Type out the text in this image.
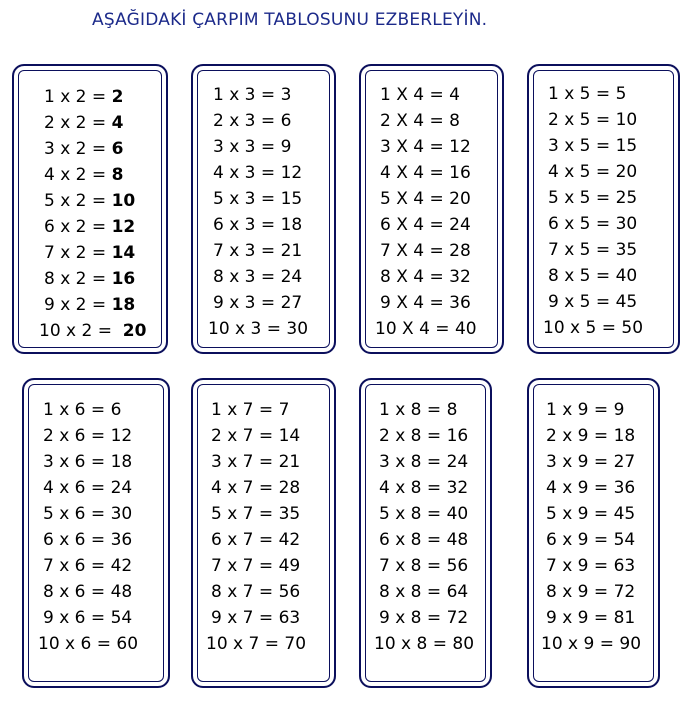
AŞAĞIDAKİ ÇARPIM TABLOSUNU EZBERLEYİN.
1 x 2 = 2
2 x 2 = 4
3 x 2 = 6
4 x 2 = 8
5 x 2 = 10
6 x 2 = 12
7 x 2 = 14
8 x 2 = 16
9 x 2 = 18
10 x 2 =  20
1 x 3 = 3
2 x 3 = 6
3 x 3 = 9
4 x 3 = 12
5 x 3 = 15
6 x 3 = 18
7 x 3 = 21
8 x 3 = 24
9 x 3 = 27
10 x 3 = 30
1 X 4 = 4
2 X 4 = 8
3 X 4 = 12
4 X 4 = 16
5 X 4 = 20
6 X 4 = 24
7 X 4 = 28
8 X 4 = 32
9 X 4 = 36
10 X 4 = 40
1 x 5 = 5
2 x 5 = 10
3 x 5 = 15
4 x 5 = 20
5 x 5 = 25
6 x 5 = 30
7 x 5 = 35
8 x 5 = 40
9 x 5 = 45
10 x 5 = 50
1 x 6 = 6
2 x 6 = 12
3 x 6 = 18
4 x 6 = 24
5 x 6 = 30
6 x 6 = 36
7 x 6 = 42
8 x 6 = 48
9 x 6 = 54
10 x 6 = 60
1 x 7 = 7
2 x 7 = 14
3 x 7 = 21
4 x 7 = 28
5 x 7 = 35
6 x 7 = 42
7 x 7 = 49
8 x 7 = 56
9 x 7 = 63
10 x 7 = 70
1 x 8 = 8
2 x 8 = 16
3 x 8 = 24
4 x 8 = 32
5 x 8 = 40
6 x 8 = 48
7 x 8 = 56
8 x 8 = 64
9 x 8 = 72
10 x 8 = 80
1 x 9 = 9
2 x 9 = 18
3 x 9 = 27
4 x 9 = 36
5 x 9 = 45
6 x 9 = 54
7 x 9 = 63
8 x 9 = 72
9 x 9 = 81
10 x 9 = 90
